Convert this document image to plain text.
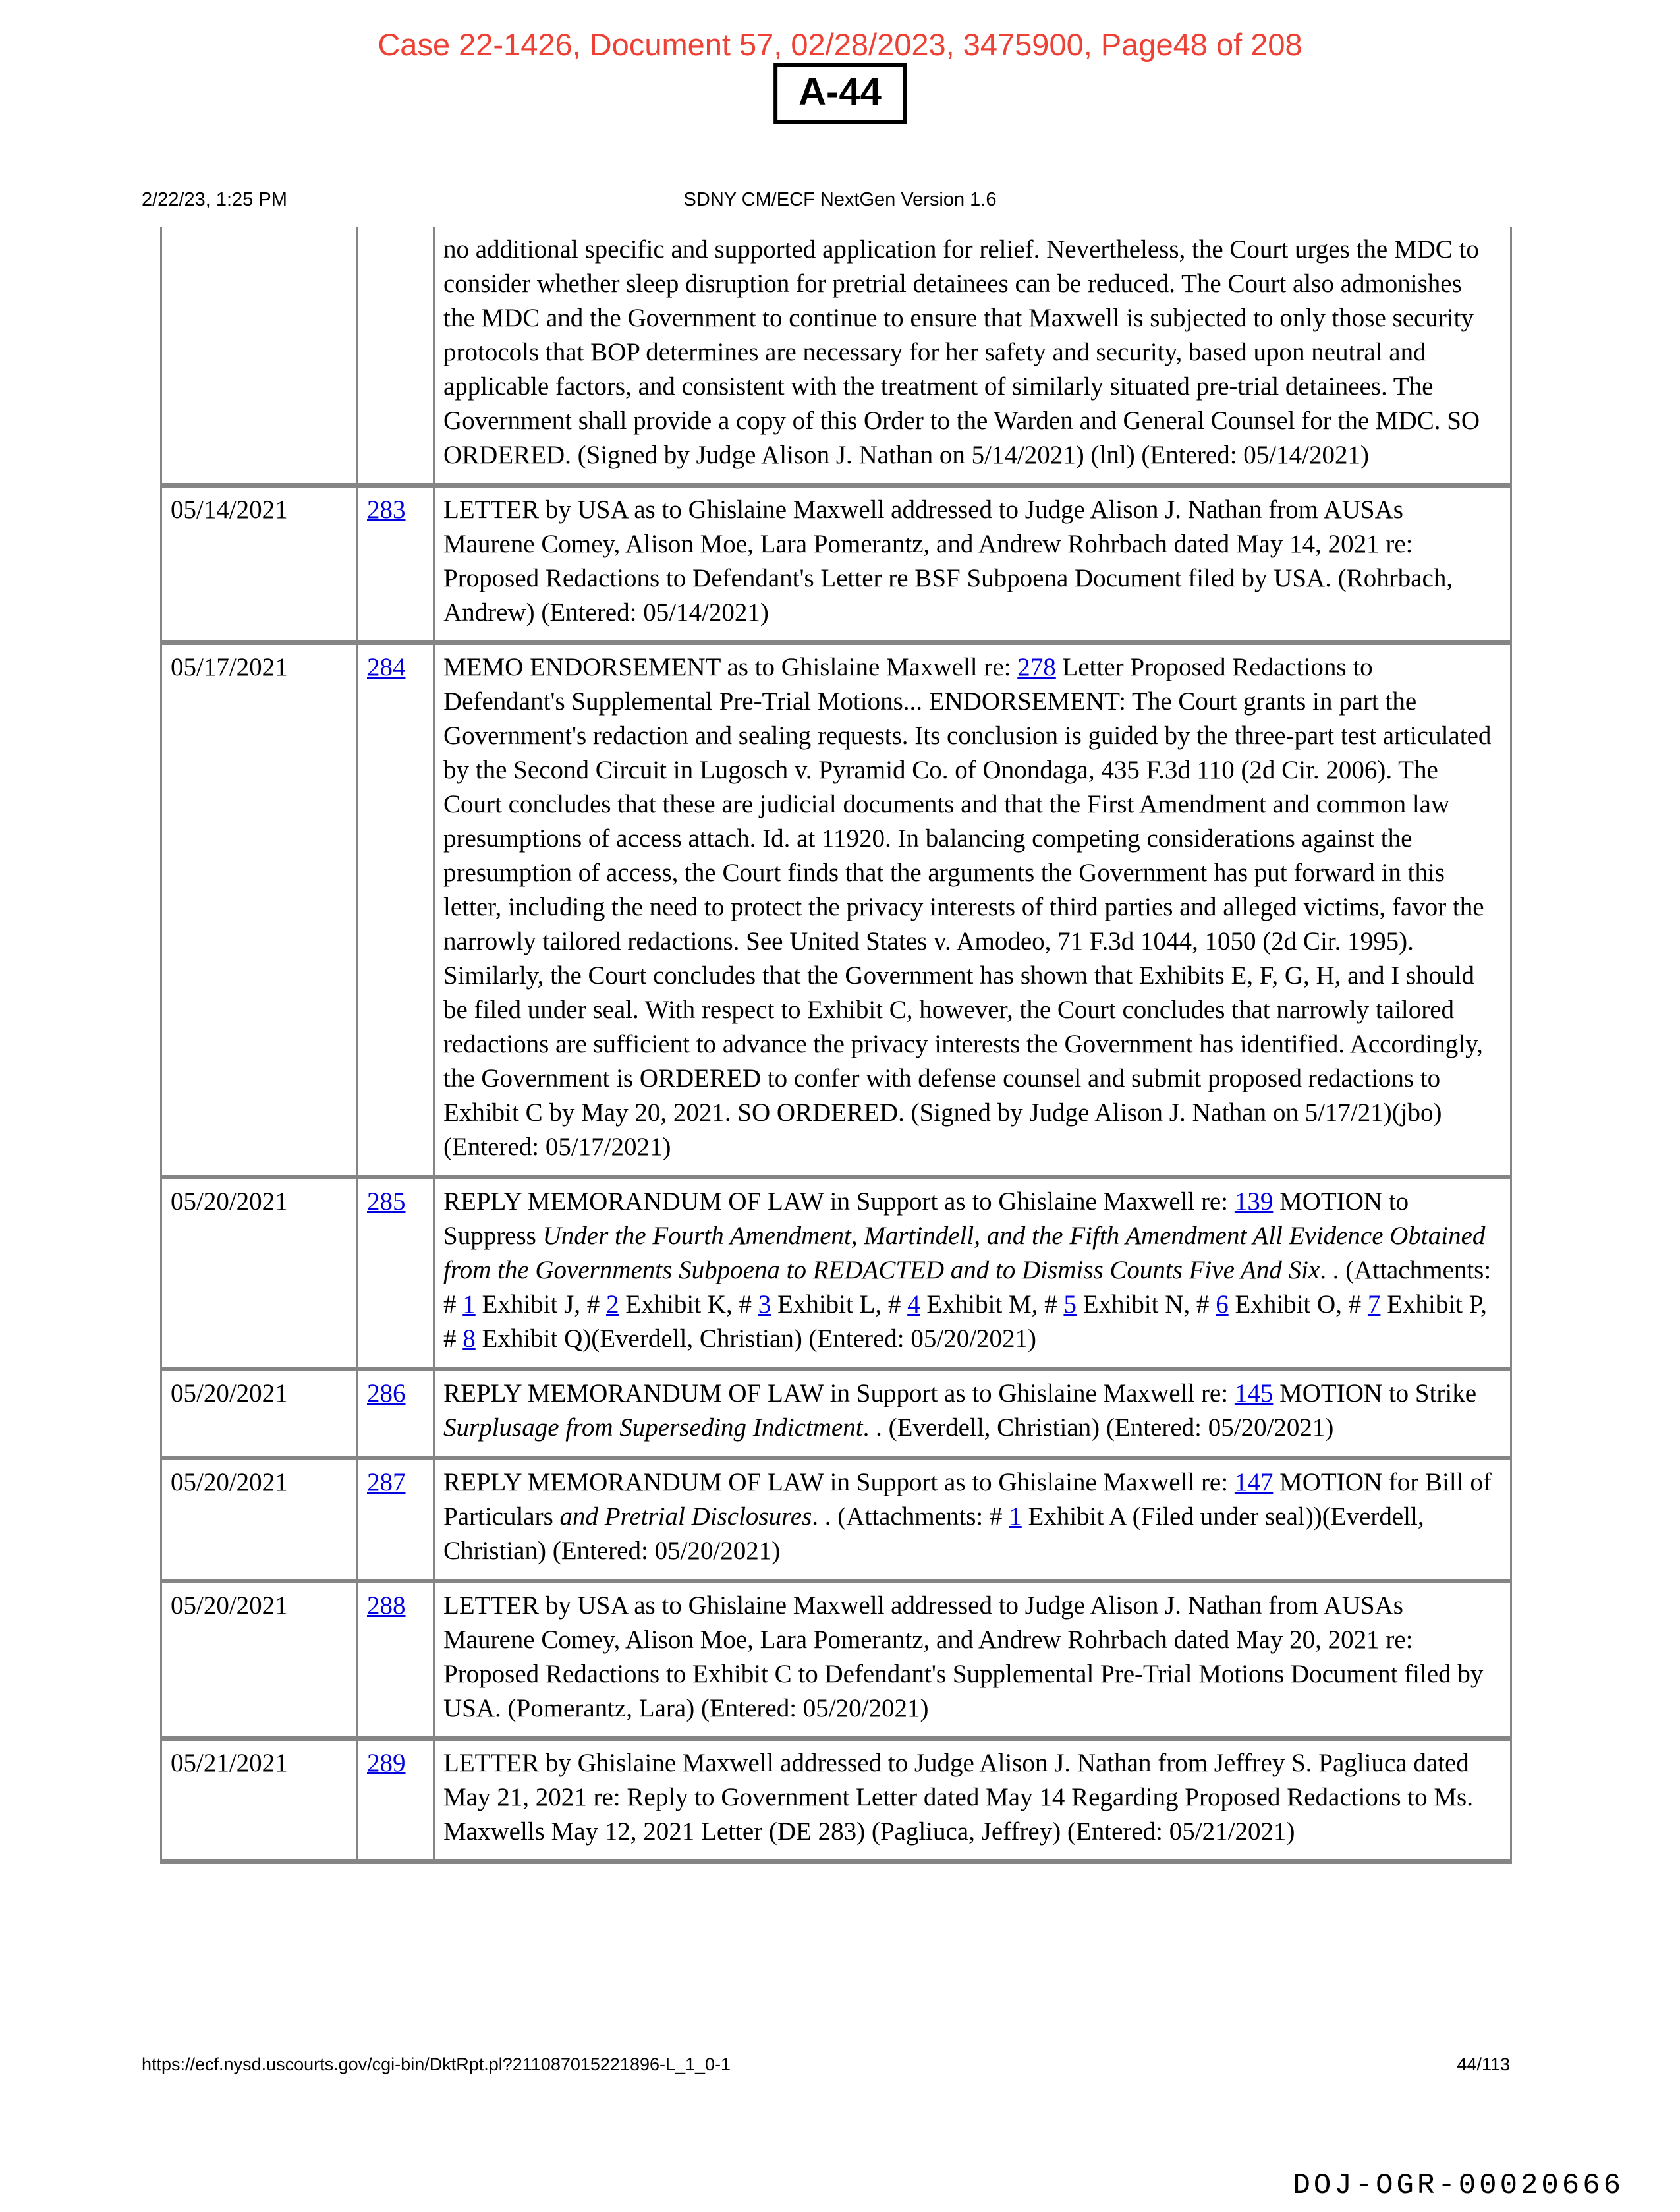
Case 22-1426, Document 57, 02/28/2023, 3475900, Page48 of 208
A-44
2/22/23, 1:25 PM	SDNY CM/ECF NextGen Version 1.6
		no additional specific and supported application for relief. Nevertheless, the Court urges the MDC to consider whether sleep disruption for pretrial detainees can be reduced. The Court also admonishes the MDC and the Government to continue to ensure that Maxwell is subjected to only those security protocols that BOP determines are necessary for her safety and security, based upon neutral and applicable factors, and consistent with the treatment of similarly situated pre-trial detainees. The Government shall provide a copy of this Order to the Warden and General Counsel for the MDC. SO ORDERED. (Signed by Judge Alison J. Nathan on 5/14/2021) (lnl) (Entered: 05/14/2021)
05/14/2021	283	LETTER by USA as to Ghislaine Maxwell addressed to Judge Alison J. Nathan from AUSAs Maurene Comey, Alison Moe, Lara Pomerantz, and Andrew Rohrbach dated May 14, 2021 re: Proposed Redactions to Defendant's Letter re BSF Subpoena Document filed by USA. (Rohrbach, Andrew) (Entered: 05/14/2021)
05/17/2021	284	MEMO ENDORSEMENT as to Ghislaine Maxwell re: 278 Letter Proposed Redactions to Defendant's Supplemental Pre-Trial Motions... ENDORSEMENT: The Court grants in part the Government's redaction and sealing requests. Its conclusion is guided by the three-part test articulated by the Second Circuit in Lugosch v. Pyramid Co. of Onondaga, 435 F.3d 110 (2d Cir. 2006). The Court concludes that these are judicial documents and that the First Amendment and common law presumptions of access attach. Id. at 11920. In balancing competing considerations against the presumption of access, the Court finds that the arguments the Government has put forward in this letter, including the need to protect the privacy interests of third parties and alleged victims, favor the narrowly tailored redactions. See United States v. Amodeo, 71 F.3d 1044, 1050 (2d Cir. 1995). Similarly, the Court concludes that the Government has shown that Exhibits E, F, G, H, and I should be filed under seal. With respect to Exhibit C, however, the Court concludes that narrowly tailored redactions are sufficient to advance the privacy interests the Government has identified. Accordingly, the Government is ORDERED to confer with defense counsel and submit proposed redactions to Exhibit C by May 20, 2021. SO ORDERED. (Signed by Judge Alison J. Nathan on 5/17/21)(jbo) (Entered: 05/17/2021)
05/20/2021	285	REPLY MEMORANDUM OF LAW in Support as to Ghislaine Maxwell re: 139 MOTION to Suppress Under the Fourth Amendment, Martindell, and the Fifth Amendment All Evidence Obtained from the Governments Subpoena to REDACTED and to Dismiss Counts Five And Six. . (Attachments: # 1 Exhibit J, # 2 Exhibit K, # 3 Exhibit L, # 4 Exhibit M, # 5 Exhibit N, # 6 Exhibit O, # 7 Exhibit P, # 8 Exhibit Q)(Everdell, Christian) (Entered: 05/20/2021)
05/20/2021	286	REPLY MEMORANDUM OF LAW in Support as to Ghislaine Maxwell re: 145 MOTION to Strike Surplusage from Superseding Indictment. . (Everdell, Christian) (Entered: 05/20/2021)
05/20/2021	287	REPLY MEMORANDUM OF LAW in Support as to Ghislaine Maxwell re: 147 MOTION for Bill of Particulars and Pretrial Disclosures. . (Attachments: # 1 Exhibit A (Filed under seal))(Everdell, Christian) (Entered: 05/20/2021)
05/20/2021	288	LETTER by USA as to Ghislaine Maxwell addressed to Judge Alison J. Nathan from AUSAs Maurene Comey, Alison Moe, Lara Pomerantz, and Andrew Rohrbach dated May 20, 2021 re: Proposed Redactions to Exhibit C to Defendant's Supplemental Pre-Trial Motions Document filed by USA. (Pomerantz, Lara) (Entered: 05/20/2021)
05/21/2021	289	LETTER by Ghislaine Maxwell addressed to Judge Alison J. Nathan from Jeffrey S. Pagliuca dated May 21, 2021 re: Reply to Government Letter dated May 14 Regarding Proposed Redactions to Ms. Maxwells May 12, 2021 Letter (DE 283) (Pagliuca, Jeffrey) (Entered: 05/21/2021)
https://ecf.nysd.uscourts.gov/cgi-bin/DktRpt.pl?211087015221896-L_1_0-1	44/113
DOJ-OGR-00020666
